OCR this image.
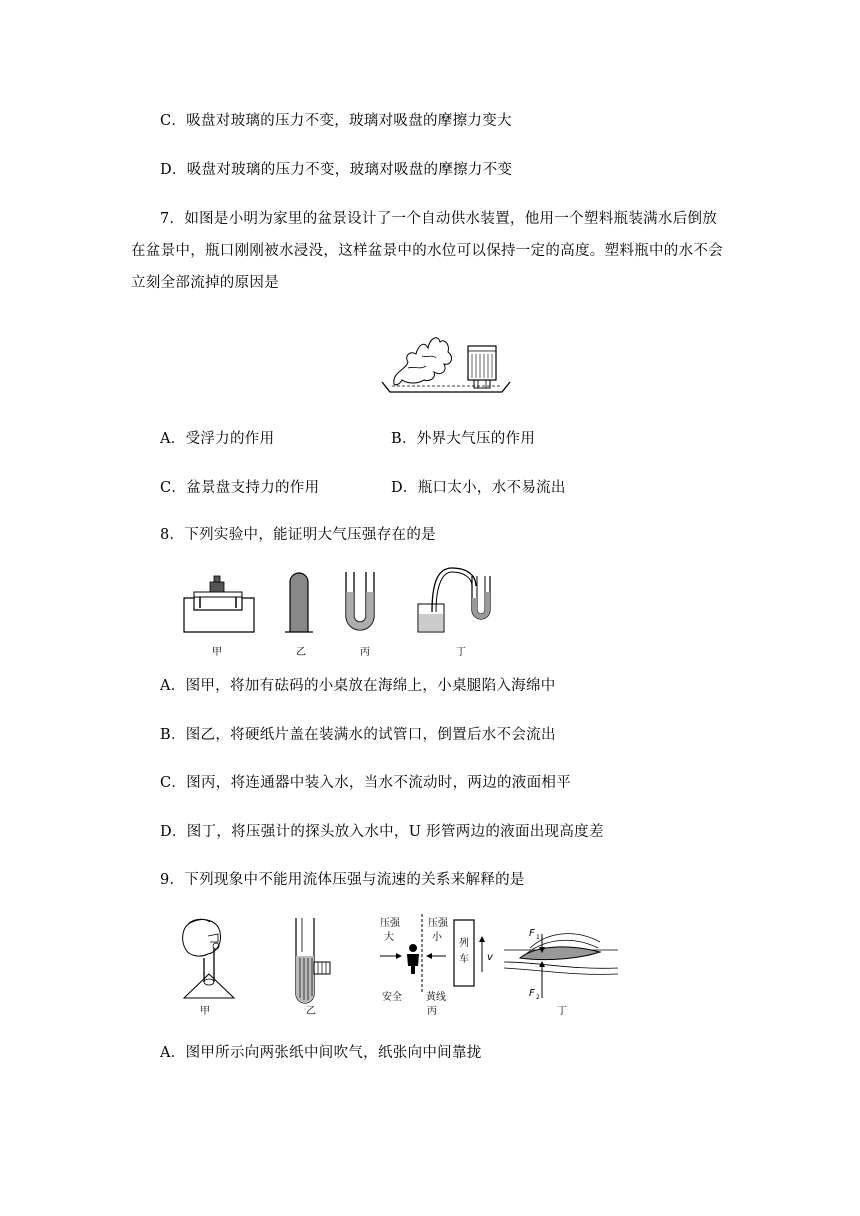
C．吸盘对玻璃的压力不变，玻璃对吸盘的摩擦力变大
D．吸盘对玻璃的压力不变，玻璃对吸盘的摩擦力不变
7．如图是小明为家里的盆景设计了一个自动供水装置，他用一个塑料瓶装满水后倒放
在盆景中，瓶口刚刚被水浸没，这样盆景中的水位可以保持一定的高度。塑料瓶中的水不会
立刻全部流掉的原因是
A．受浮力的作用	B．外界大气压的作用
C．盆景盘支持力的作用	D．瓶口太小，水不易流出
8．下列实验中，能证明大气压强存在的是
甲	乙	丙	丁
A．图甲，将加有砝码的小桌放在海绵上，小桌腿陷入海绵中
B．图乙，将硬纸片盖在装满水的试管口，倒置后水不会流出
C．图丙，将连通器中装入水，当水不流动时，两边的液面相平
D．图丁，将压强计的探头放入水中，U 形管两边的液面出现高度差
9．下列现象中不能用流体压强与流速的关系来解释的是
压强
大
压强
小
列
车 v
安全 黄线
F 1
F 2
甲	乙	丙	丁
A．图甲所示向两张纸中间吹气，纸张向中间靠拢
